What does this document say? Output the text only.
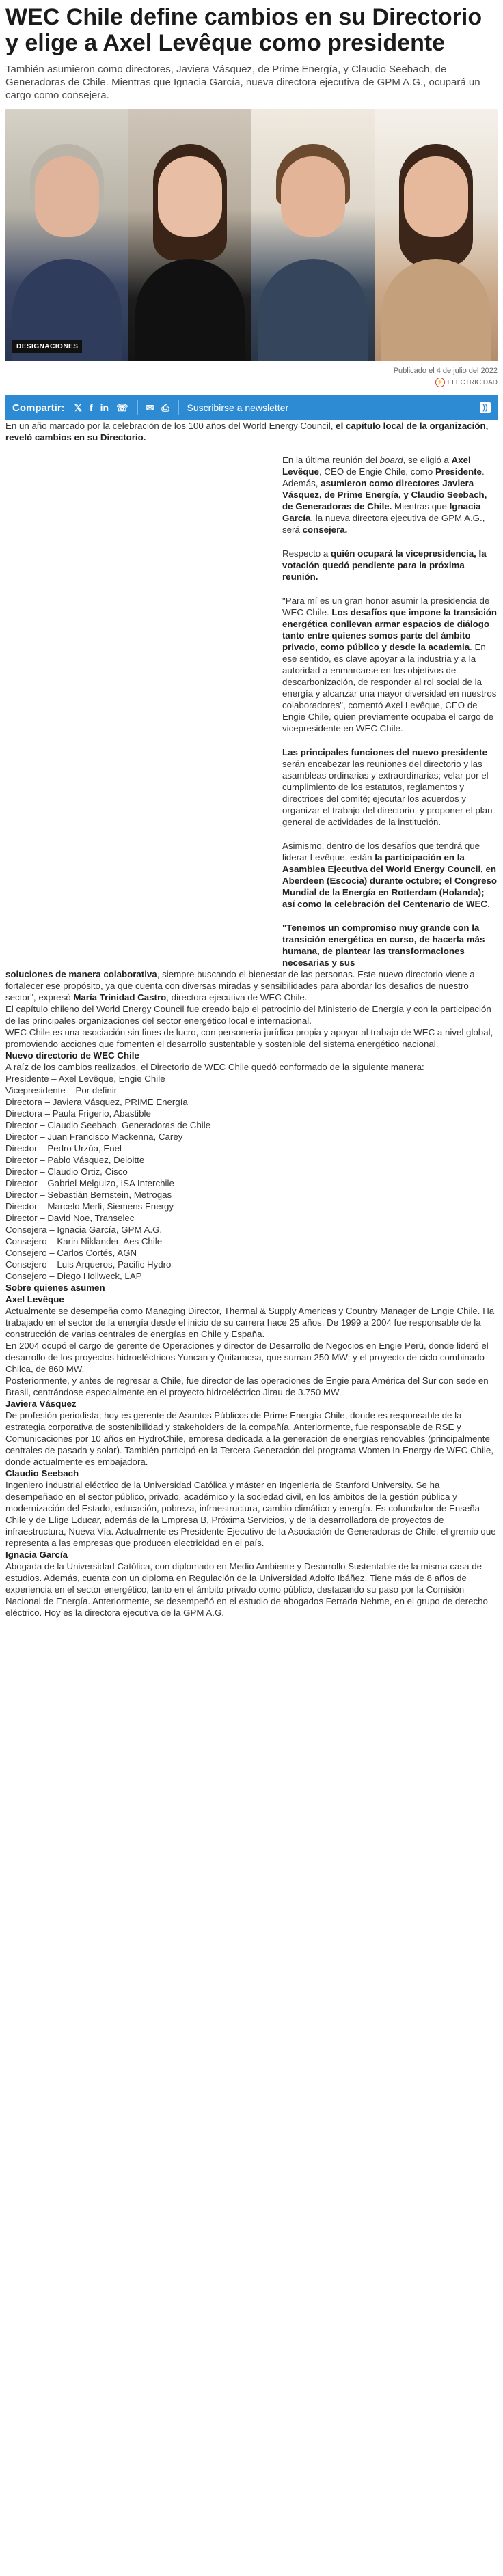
WEC Chile define cambios en su Directorio y elige a Axel Levêque como presidente

También asumieron como directores, Javiera Vásquez, de Prime Energía, y Claudio Seebach, de Generadoras de Chile. Mientras que Ignacia García, nueva directora ejecutiva de GPM A.G., ocupará un cargo como consejera.

DESIGNACIONES
Publicado el 4 de julio del 2022
⚡ ELECTRICIDAD
Compartir: 𝕏 f in ☏ ✉ ⎙ Suscribirse a newsletter	))

En un año marcado por la celebración de los 100 años del World Energy Council, el capítulo local de la organización, reveló cambios en su Directorio.

En la última reunión del board, se eligió a Axel Levêque, CEO de Engie Chile, como Presidente. Además, asumieron como directores Javiera Vásquez, de Prime Energía, y Claudio Seebach, de Generadoras de Chile. Mientras que Ignacia García, la nueva directora ejecutiva de GPM A.G., será consejera.

Respecto a quién ocupará la vicepresidencia, la votación quedó pendiente para la próxima reunión.

"Para mí es un gran honor asumir la presidencia de WEC Chile. Los desafíos que impone la transición energética conllevan armar espacios de diálogo tanto entre quienes somos parte del ámbito privado, como público y desde la academia. En ese sentido, es clave apoyar a la industria y a la autoridad a enmarcarse en los objetivos de descarbonización, de responder al rol social de la energía y alcanzar una mayor diversidad en nuestros colaboradores", comentó Axel Levêque, CEO de Engie Chile, quien previamente ocupaba el cargo de vicepresidente en WEC Chile.

Las principales funciones del nuevo presidente serán encabezar las reuniones del directorio y las asambleas ordinarias y extraordinarias; velar por el cumplimiento de los estatutos, reglamentos y directrices del comité; ejecutar los acuerdos y organizar el trabajo del directorio, y proponer el plan general de actividades de la institución.

Asimismo, dentro de los desafíos que tendrá que liderar Levêque, están la participación en la Asamblea Ejecutiva del World Energy Council, en Aberdeen (Escocia) durante octubre; el Congreso Mundial de la Energía en Rotterdam (Holanda); así como la celebración del Centenario de WEC.

"Tenemos un compromiso muy grande con la transición energética en curso, de hacerla más humana, de plantear las transformaciones necesarias y sus

soluciones de manera colaborativa, siempre buscando el bienestar de las personas. Este nuevo directorio viene a fortalecer ese propósito, ya que cuenta con diversas miradas y sensibilidades para abordar los desafíos de nuestro sector", expresó María Trinidad Castro, directora ejecutiva de WEC Chile.

El capítulo chileno del World Energy Council fue creado bajo el patrocinio del Ministerio de Energía y con la participación de las principales organizaciones del sector energético local e internacional.

WEC Chile es una asociación sin fines de lucro, con personería jurídica propia y apoyar al trabajo de WEC a nivel global, promoviendo acciones que fomenten el desarrollo sustentable y sostenible del sistema energético nacional.

Nuevo directorio de WEC Chile

A raíz de los cambios realizados, el Directorio de WEC Chile quedó conformado de la siguiente manera:

Presidente – Axel Levêque, Engie Chile

Vicepresidente – Por definir

Directora – Javiera Vásquez, PRIME Energía

Directora – Paula Frigerio, Abastible

Director – Claudio Seebach, Generadoras de Chile

Director – Juan Francisco Mackenna, Carey

Director – Pedro Urzúa, Enel

Director – Pablo Vásquez, Deloitte

Director – Claudio Ortiz, Cisco

Director – Gabriel Melguizo, ISA Interchile

Director – Sebastián Bernstein, Metrogas

Director – Marcelo Merli, Siemens Energy

Director – David Noe, Transelec

Consejera – Ignacia García, GPM A.G.

Consejero – Karin Niklander, Aes Chile

Consejero – Carlos Cortés, AGN

Consejero – Luis Arqueros, Pacific Hydro

Consejero – Diego Hollweck, LAP

Sobre quienes asumen

Axel Levêque

Actualmente se desempeña como Managing Director, Thermal & Supply Americas y Country Manager de Engie Chile. Ha trabajado en el sector de la energía desde el inicio de su carrera hace 25 años. De 1999 a 2004 fue responsable de la construcción de varias centrales de energías en Chile y España.

En 2004 ocupó el cargo de gerente de Operaciones y director de Desarrollo de Negocios en Engie Perú, donde lideró el desarrollo de los proyectos hidroeléctricos Yuncan y Quitaracsa, que suman 250 MW; y el proyecto de ciclo combinado Chilca, de 860 MW.

Posteriormente, y antes de regresar a Chile, fue director de las operaciones de Engie para América del Sur con sede en Brasil, centrándose especialmente en el proyecto hidroeléctrico Jirau de 3.750 MW.

Javiera Vásquez

De profesión periodista, hoy es gerente de Asuntos Públicos de Prime Energía Chile, donde es responsable de la estrategia corporativa de sostenibilidad y stakeholders de la compañía. Anteriormente, fue responsable de RSE y Comunicaciones por 10 años en HydroChile, empresa dedicada a la generación de energías renovables (principalmente centrales de pasada y solar). También participó en la Tercera Generación del programa Women In Energy de WEC Chile, donde actualmente es embajadora.

Claudio Seebach

Ingeniero industrial eléctrico de la Universidad Católica y máster en Ingeniería de Stanford University. Se ha desempeñado en el sector público, privado, académico y la sociedad civil, en los ámbitos de la gestión pública y modernización del Estado, educación, pobreza, infraestructura, cambio climático y energía. Es cofundador de Enseña Chile y de Elige Educar, además de la Empresa B, Próxima Servicios, y de la desarrolladora de proyectos de infraestructura, Nueva Vía. Actualmente es Presidente Ejecutivo de la Asociación de Generadoras de Chile, el gremio que representa a las empresas que producen electricidad en el país.

Ignacia García

Abogada de la Universidad Católica, con diplomado en Medio Ambiente y Desarrollo Sustentable de la misma casa de estudios. Además, cuenta con un diploma en Regulación de la Universidad Adolfo Ibáñez. Tiene más de 8 años de experiencia en el sector energético, tanto en el ámbito privado como público, destacando su paso por la Comisión Nacional de Energía. Anteriormente, se desempeñó en el estudio de abogados Ferrada Nehme, en el grupo de derecho eléctrico. Hoy es la directora ejecutiva de la GPM A.G.
